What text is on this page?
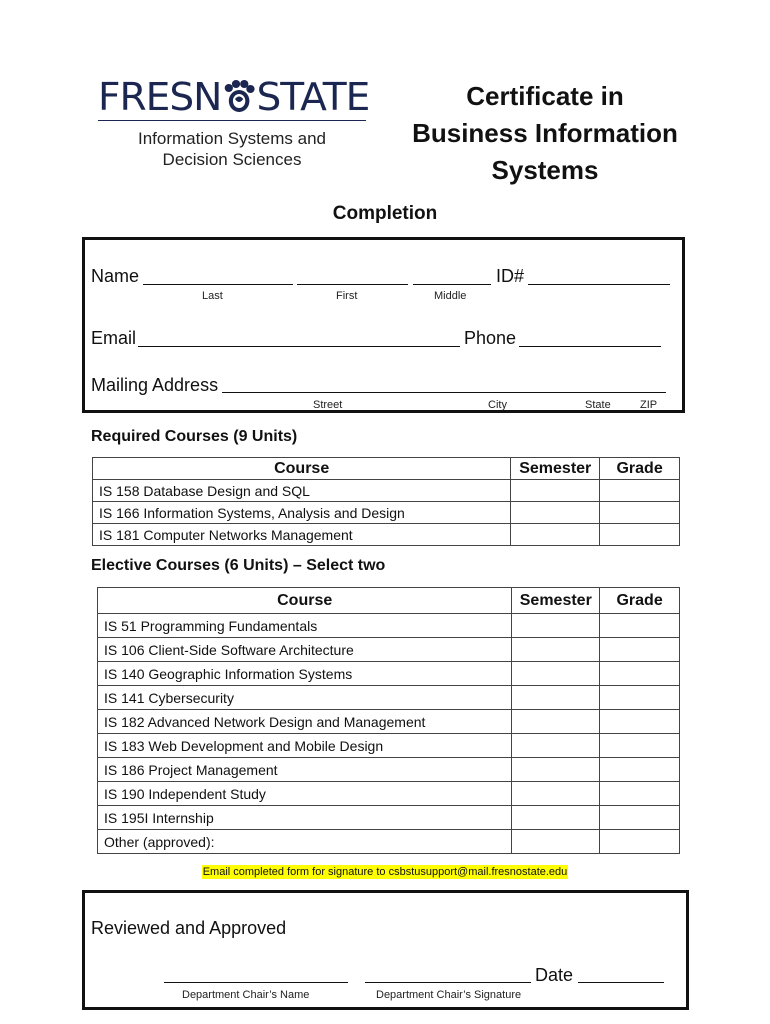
FRESN STATE
Information Systems and
Decision Sciences
Certificate in
Business Information
Systems
Completion
Name	ID#
Last	First	Middle
Email	Phone
Mailing Address
Street	City	State	ZIP
Required Courses (9 Units)
Course	Semester	Grade
IS 158 Database Design and SQL		
IS 166 Information Systems, Analysis and Design		
IS 181 Computer Networks Management		
Elective Courses (6 Units) – Select two
Course	Semester	Grade
IS 51 Programming Fundamentals		
IS 106 Client-Side Software Architecture		
IS 140 Geographic Information Systems		
IS 141 Cybersecurity		
IS 182 Advanced Network Design and Management		
IS 183 Web Development and Mobile Design		
IS 186 Project Management		
IS 190 Independent Study		
IS 195I Internship		
Other (approved):		
Email completed form for signature to csbstusupport@mail.fresnostate.edu
Reviewed and Approved
Date
Department Chair’s Name	Department Chair’s Signature
